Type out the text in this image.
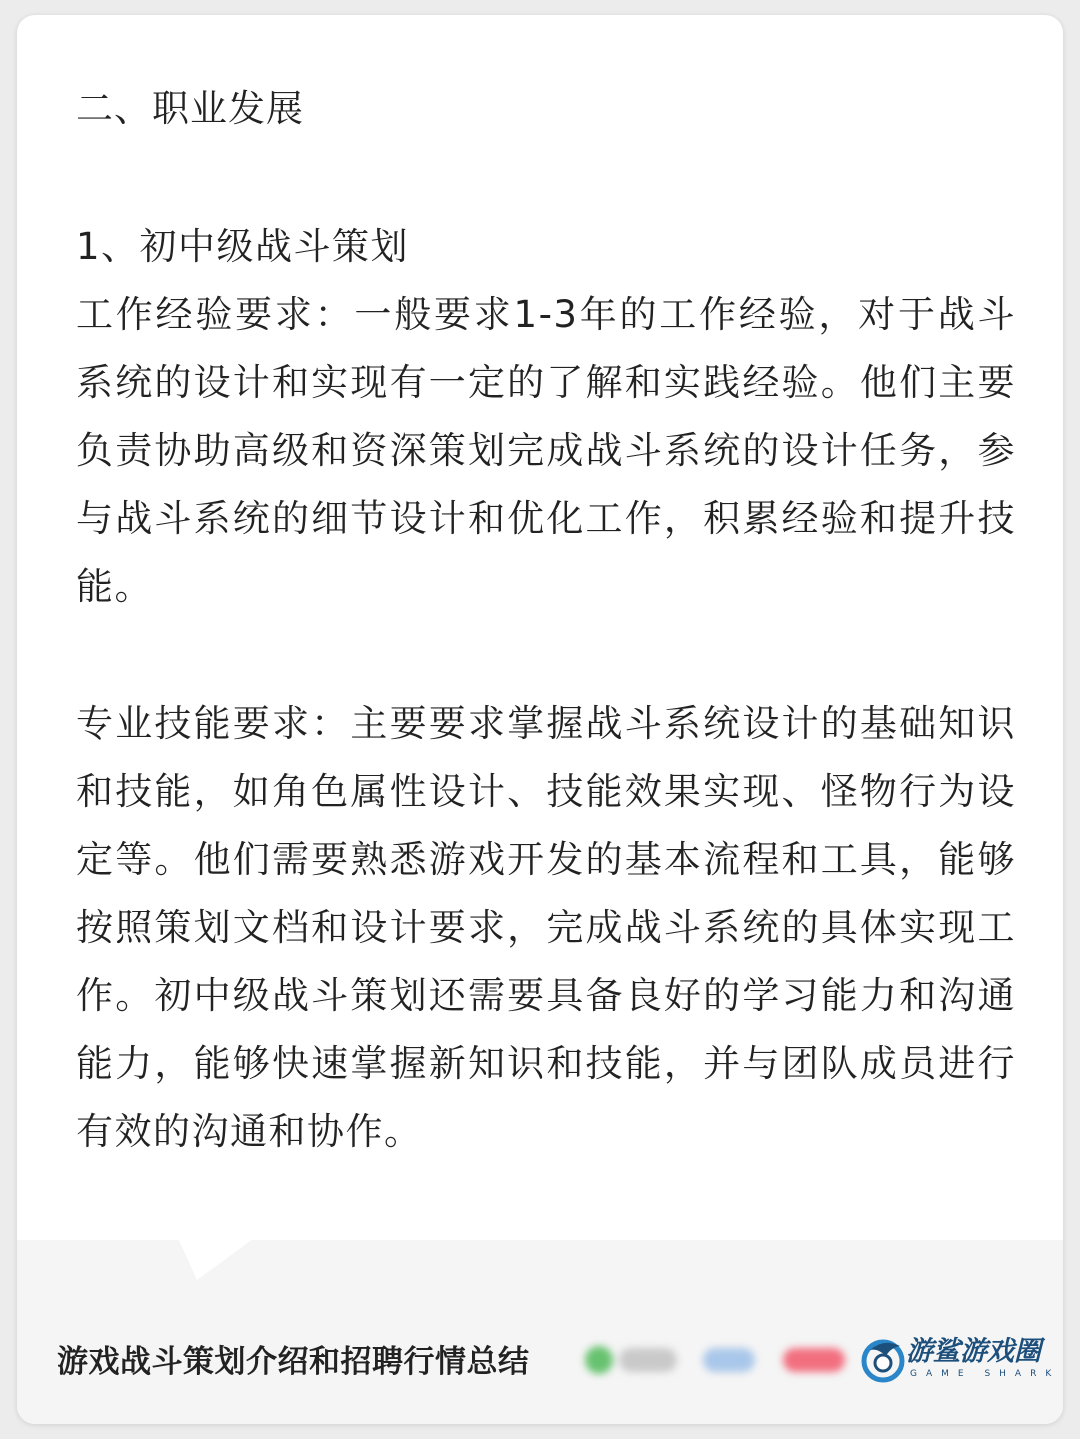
二、职业发展
1、初中级战斗策划
工作经验要求：一般要求1-3年的工作经验，对于战斗系统的设计和实现有一定的了解和实践经验。他们主要负责协助高级和资深策划完成战斗系统的设计任务，参与战斗系统的细节设计和优化工作，积累经验和提升技能。
专业技能要求：主要要求掌握战斗系统设计的基础知识和技能，如角色属性设计、技能效果实现、怪物行为设定等。他们需要熟悉游戏开发的基本流程和工具，能够按照策划文档和设计要求，完成战斗系统的具体实现工作。初中级战斗策划还需要具备良好的学习能力和沟通能力，能够快速掌握新知识和技能，并与团队成员进行有效的沟通和协作。
游戏战斗策划介绍和招聘行情总结	游鲨游戏圈
GAME SHARK
